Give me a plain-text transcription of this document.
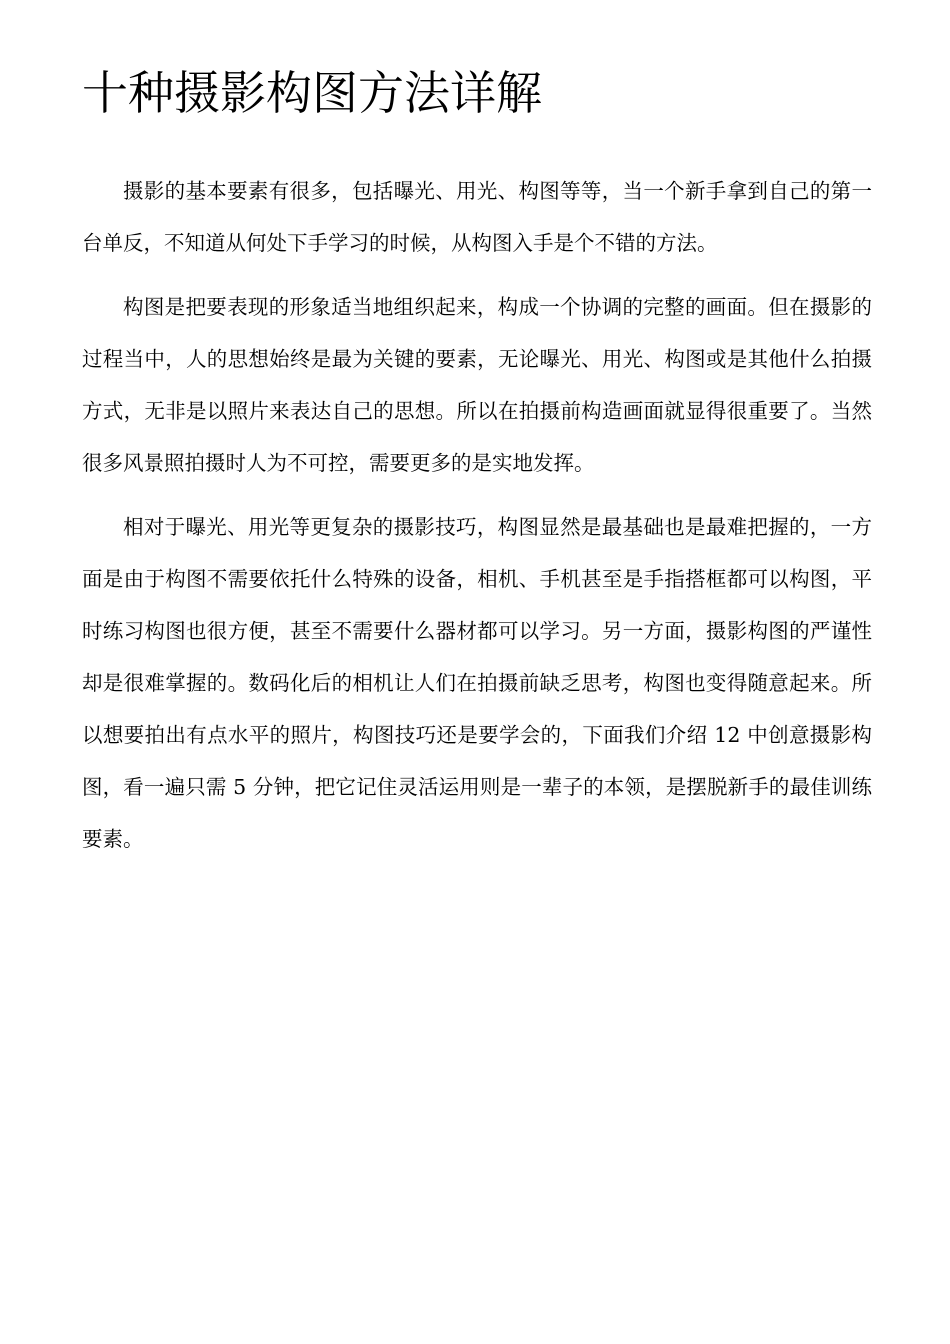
十种摄影构图方法详解

摄影的基本要素有很多，包括曝光、用光、构图等等，当一个新手拿到自己的第一台单反，不知道从何处下手学习的时候，从构图入手是个不错的方法。

构图是把要表现的形象适当地组织起来，构成一个协调的完整的画面。但在摄影的过程当中，人的思想始终是最为关键的要素，无论曝光、用光、构图或是其他什么拍摄方式，无非是以照片来表达自己的思想。所以在拍摄前构造画面就显得很重要了。当然很多风景照拍摄时人为不可控，需要更多的是实地发挥。

相对于曝光、用光等更复杂的摄影技巧，构图显然是最基础也是最难把握的，一方面是由于构图不需要依托什么特殊的设备，相机、手机甚至是手指搭框都可以构图，平时练习构图也很方便，甚至不需要什么器材都可以学习。另一方面，摄影构图的严谨性却是很难掌握的。数码化后的相机让人们在拍摄前缺乏思考，构图也变得随意起来。所以想要拍出有点水平的照片，构图技巧还是要学会的，下面我们介绍 12 中创意摄影构图，看一遍只需 5 分钟，把它记住灵活运用则是一辈子的本领，是摆脱新手的最佳训练要素。
